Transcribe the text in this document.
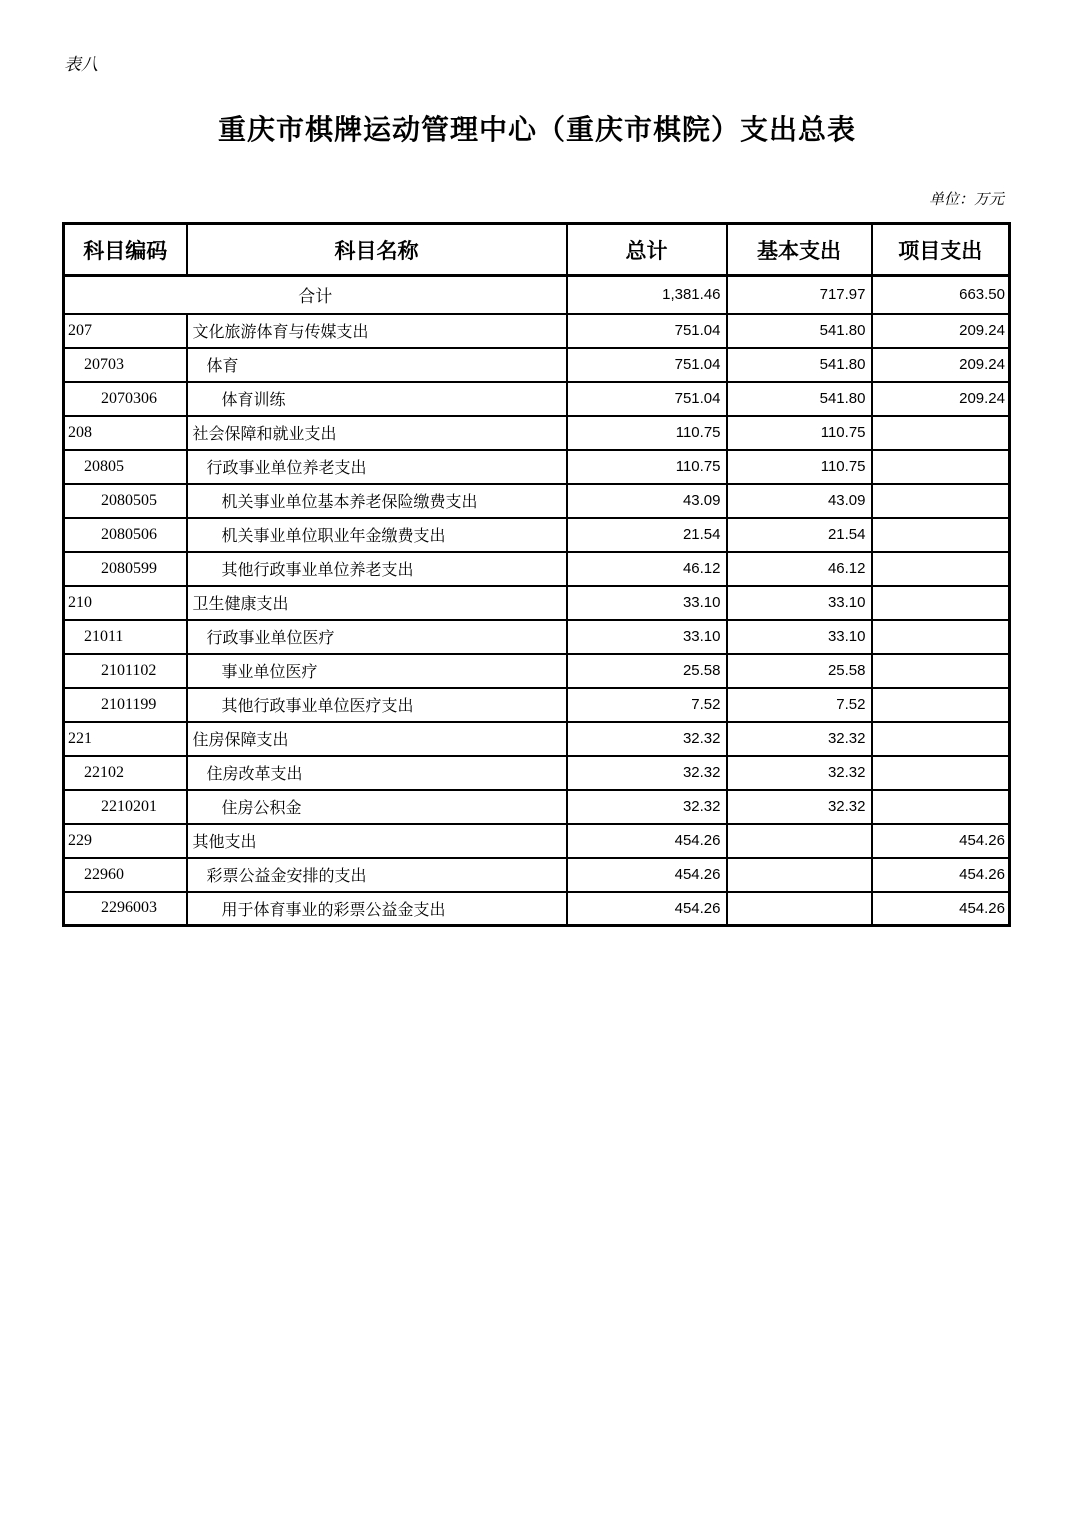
表八
重庆市棋牌运动管理中心（重庆市棋院）支出总表
单位：万元
科目编码	科目名称	总计	基本支出	项目支出
合计		1,381.46	717.97	663.50
207	文化旅游体育与传媒支出	751.04	541.80	209.24
20703	体育	751.04	541.80	209.24
2070306	体育训练	751.04	541.80	209.24
208	社会保障和就业支出	110.75	110.75	
20805	行政事业单位养老支出	110.75	110.75	
2080505	机关事业单位基本养老保险缴费支出	43.09	43.09	
2080506	机关事业单位职业年金缴费支出	21.54	21.54	
2080599	其他行政事业单位养老支出	46.12	46.12	
210	卫生健康支出	33.10	33.10	
21011	行政事业单位医疗	33.10	33.10	
2101102	事业单位医疗	25.58	25.58	
2101199	其他行政事业单位医疗支出	7.52	7.52	
221	住房保障支出	32.32	32.32	
22102	住房改革支出	32.32	32.32	
2210201	住房公积金	32.32	32.32	
229	其他支出	454.26		454.26
22960	彩票公益金安排的支出	454.26		454.26
2296003	用于体育事业的彩票公益金支出	454.26		454.26
